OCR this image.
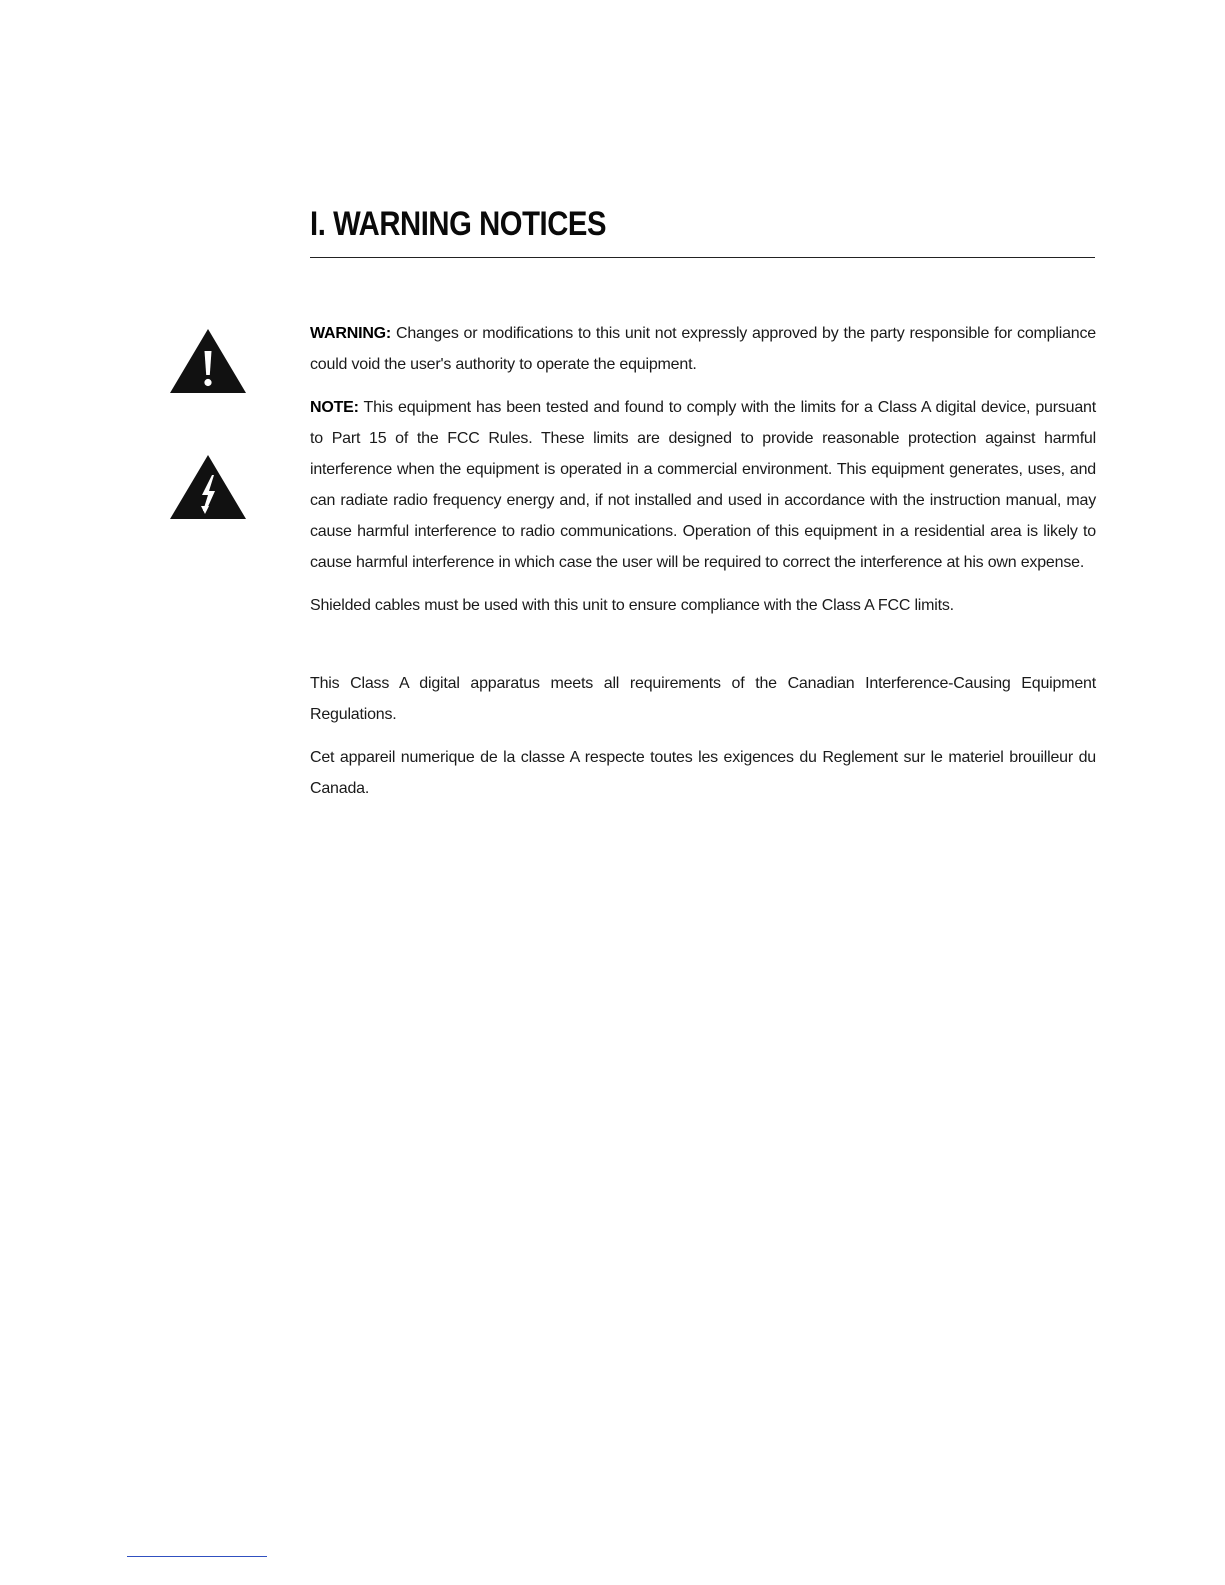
I. WARNING NOTICES

WARNING: Changes or modifications to this unit not expressly approved by the party responsible for compliance could void the user's authority to operate the equipment.

NOTE: This equipment has been tested and found to comply with the limits for a Class A digital device, pursuant to Part 15 of the FCC Rules. These limits are designed to provide reasonable protection against harmful interference when the equipment is operated in a commercial environment. This equipment generates, uses, and can radiate radio frequency energy and, if not installed and used in accordance with the instruction manual, may cause harmful interference to radio communications. Operation of this equipment in a residential area is likely to cause harmful interference in which case the user will be required to correct the interference at his own expense.

Shielded cables must be used with this unit to ensure compliance with the Class A FCC limits.

This Class A digital apparatus meets all requirements of the Canadian Interference-Causing Equipment Regulations.

Cet appareil numerique de la classe A respecte toutes les exigences du Reglement sur le materiel brouilleur du Canada.
